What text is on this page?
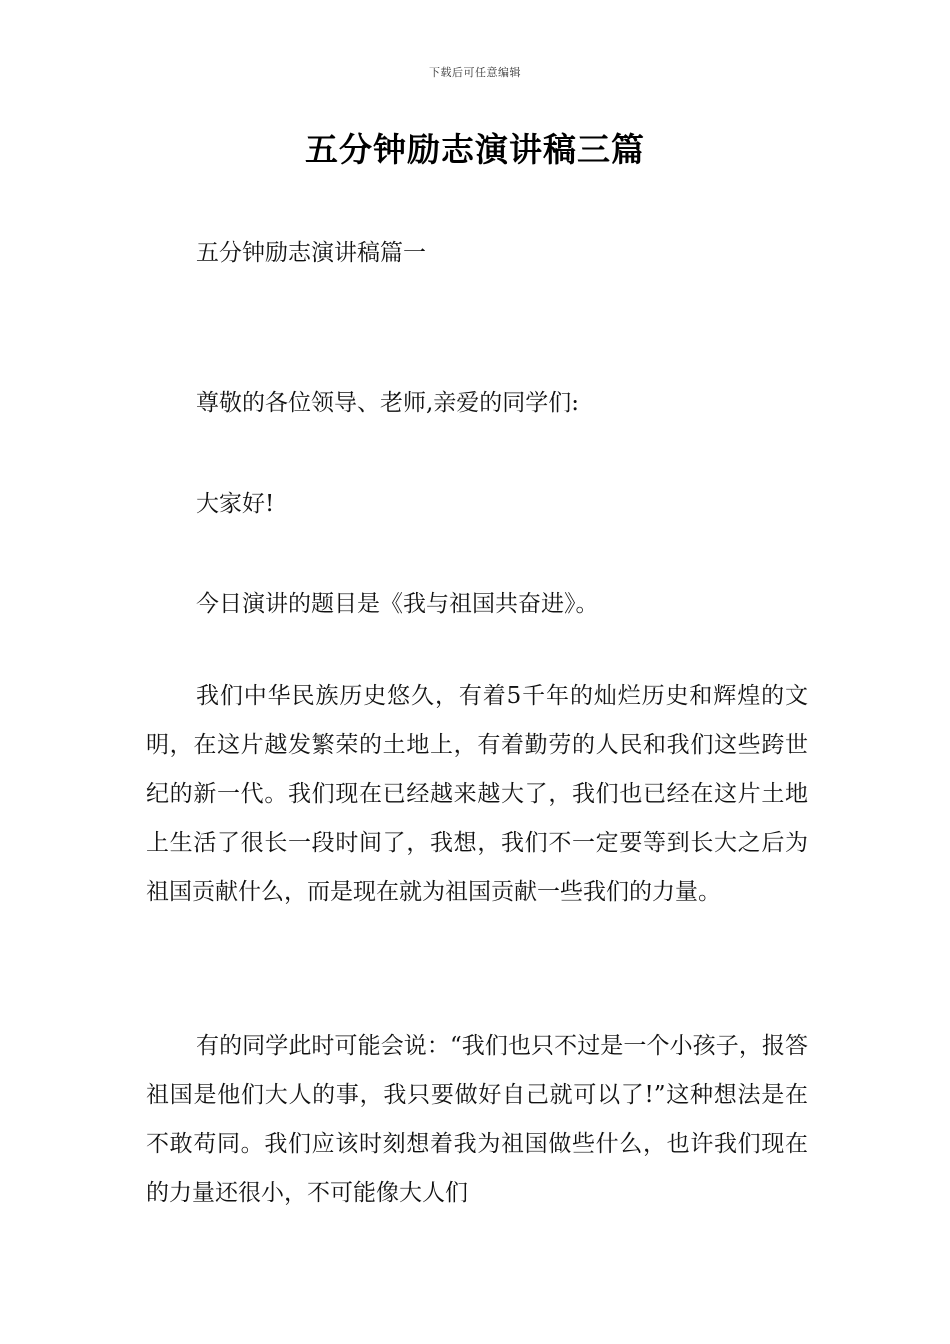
下载后可任意编辑
五分钟励志演讲稿三篇
五分钟励志演讲稿篇一
尊敬的各位领导、老师,亲爱的同学们:
大家好!
今日演讲的题目是《我与祖国共奋进》。
我们中华民族历史悠久，有着5千年的灿烂历史和辉煌的文明，在这片越发繁荣的土地上，有着勤劳的人民和我们这些跨世纪的新一代。我们现在已经越来越大了，我们也已经在这片土地上生活了很长一段时间了，我想，我们不一定要等到长大之后为祖国贡献什么，而是现在就为祖国贡献一些我们的力量。
有的同学此时可能会说：“我们也只不过是一个小孩子，报答祖国是他们大人的事，我只要做好自己就可以了!”这种想法是在不敢苟同。我们应该时刻想着我为祖国做些什么，也许我们现在的力量还很小，不可能像大人们
